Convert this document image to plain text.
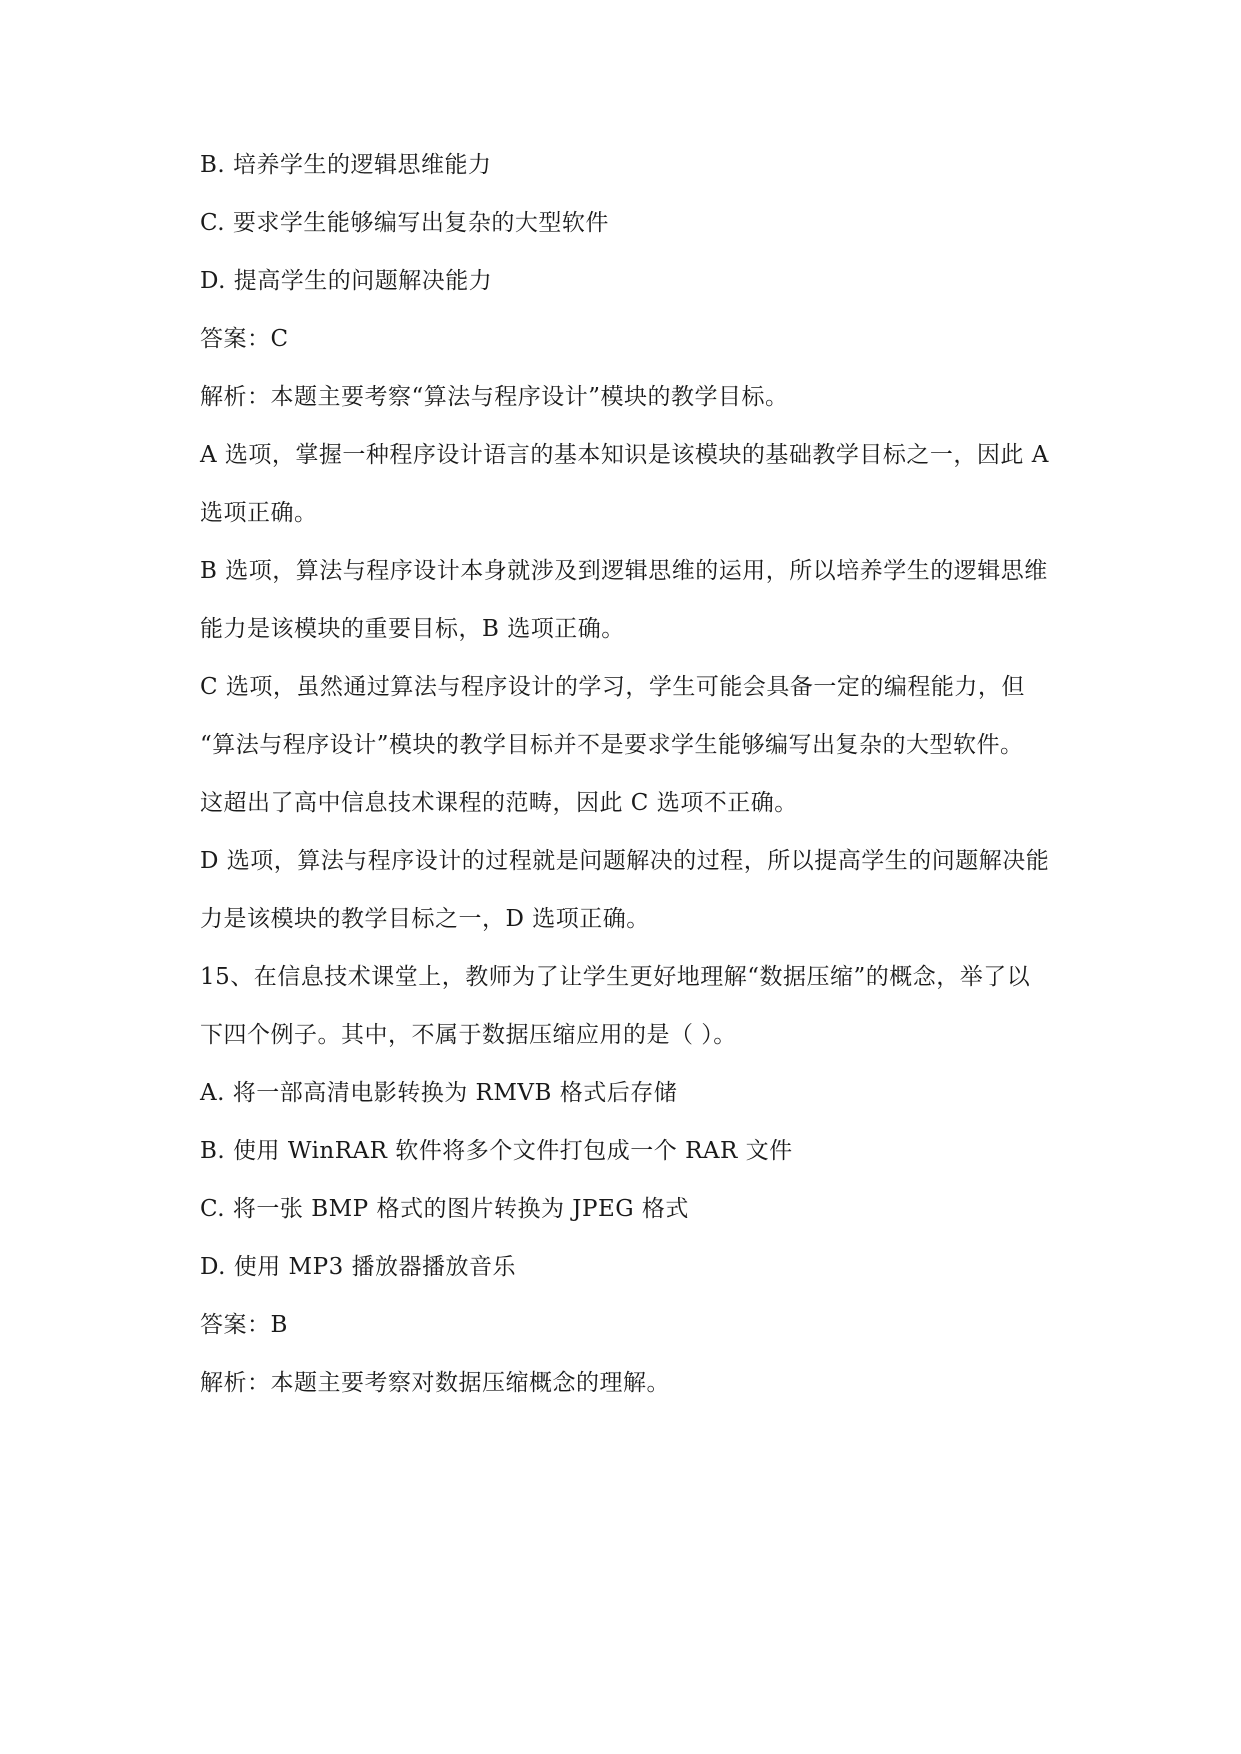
B. 培养学生的逻辑思维能力
C. 要求学生能够编写出复杂的大型软件
D. 提高学生的问题解决能力
答案：C
解析：本题主要考察“算法与程序设计”模块的教学目标。
A 选项，掌握一种程序设计语言的基本知识是该模块的基础教学目标之一，因此 A
选项正确。
B 选项，算法与程序设计本身就涉及到逻辑思维的运用，所以培养学生的逻辑思维
能力是该模块的重要目标，B 选项正确。
C 选项，虽然通过算法与程序设计的学习，学生可能会具备一定的编程能力，但
“算法与程序设计”模块的教学目标并不是要求学生能够编写出复杂的大型软件。
这超出了高中信息技术课程的范畴，因此 C 选项不正确。
D 选项，算法与程序设计的过程就是问题解决的过程，所以提高学生的问题解决能
力是该模块的教学目标之一，D 选项正确。
15、在信息技术课堂上，教师为了让学生更好地理解“数据压缩”的概念，举了以
下四个例子。其中，不属于数据压缩应用的是（ ）。
A. 将一部高清电影转换为 RMVB 格式后存储
B. 使用 WinRAR 软件将多个文件打包成一个 RAR 文件
C. 将一张 BMP 格式的图片转换为 JPEG 格式
D. 使用 MP3 播放器播放音乐
答案：B
解析：本题主要考察对数据压缩概念的理解。
